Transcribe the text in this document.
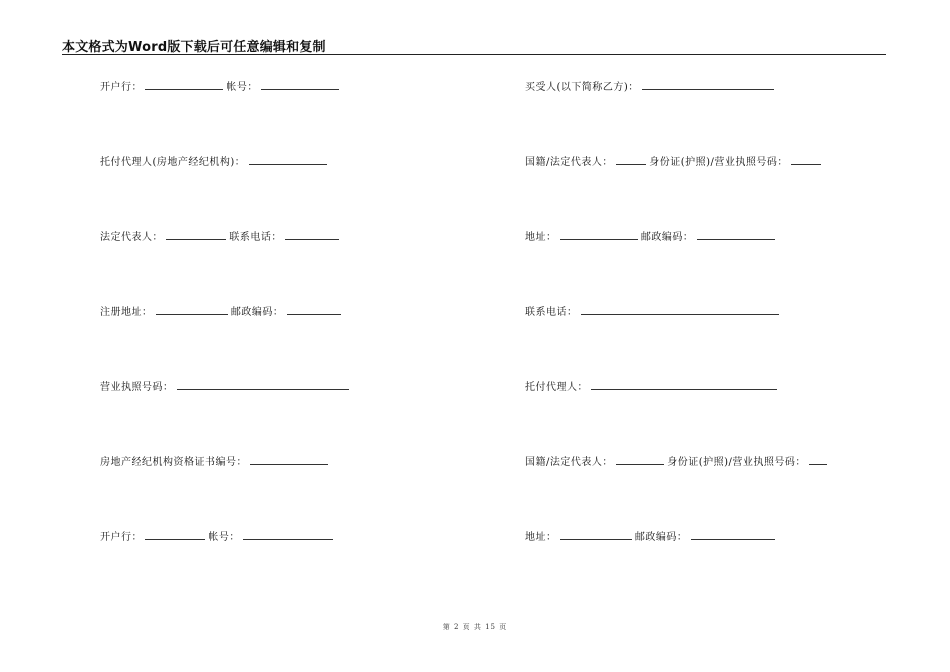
本文格式为Word版下载后可任意编辑和复制
开户行：	帐号：
托付代理人(房地产经纪机构)：
法定代表人：	联系电话：
注册地址：	邮政编码：
营业执照号码：
房地产经纪机构资格证书编号：
开户行：	帐号：
买受人(以下简称乙方)：
国籍/法定代表人：	身份证(护照)/营业执照号码：
地址：	邮政编码：
联系电话：
托付代理人：
国籍/法定代表人：	身份证(护照)/营业执照号码：
地址：	邮政编码：
第 2 页 共 15 页
